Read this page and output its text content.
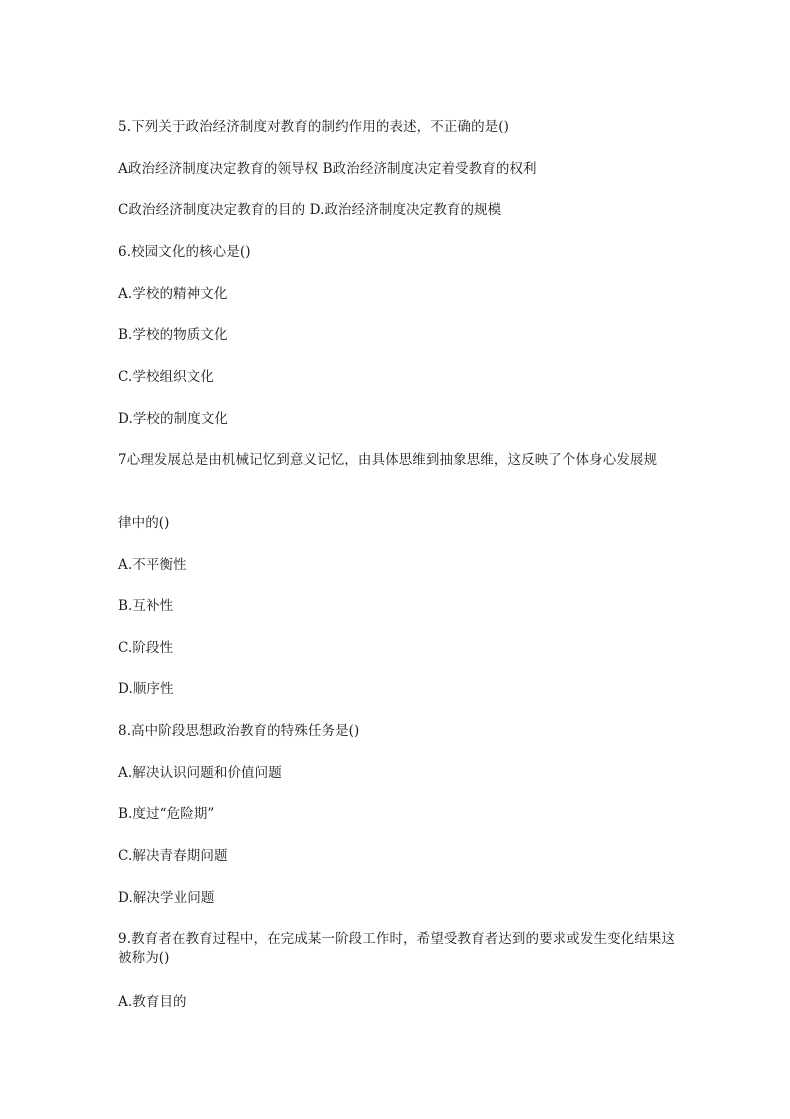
5.下列关于政治经济制度对教育的制约作用的表述，不正确的是()
A政治经济制度决定教育的领导权 B政治经济制度决定着受教育的权利
C政治经济制度决定教育的目的 D.政治经济制度决定教育的规模
6.校园文化的核心是()
A.学校的精神文化
B.学校的物质文化
C.学校组织文化
D.学校的制度文化
7心理发展总是由机械记忆到意义记忆，由具体思维到抽象思维，这反映了个体身心发展规
律中的()
A.不平衡性
B.互补性
C.阶段性
D.顺序性
8.高中阶段思想政治教育的特殊任务是()
A.解决认识问题和价值问题
B.度过“危险期”
C.解决青春期问题
D.解决学业问题
9.教育者在教育过程中，在完成某一阶段工作时，希望受教育者达到的要求或发生变化结果这被称为()
A.教育目的
